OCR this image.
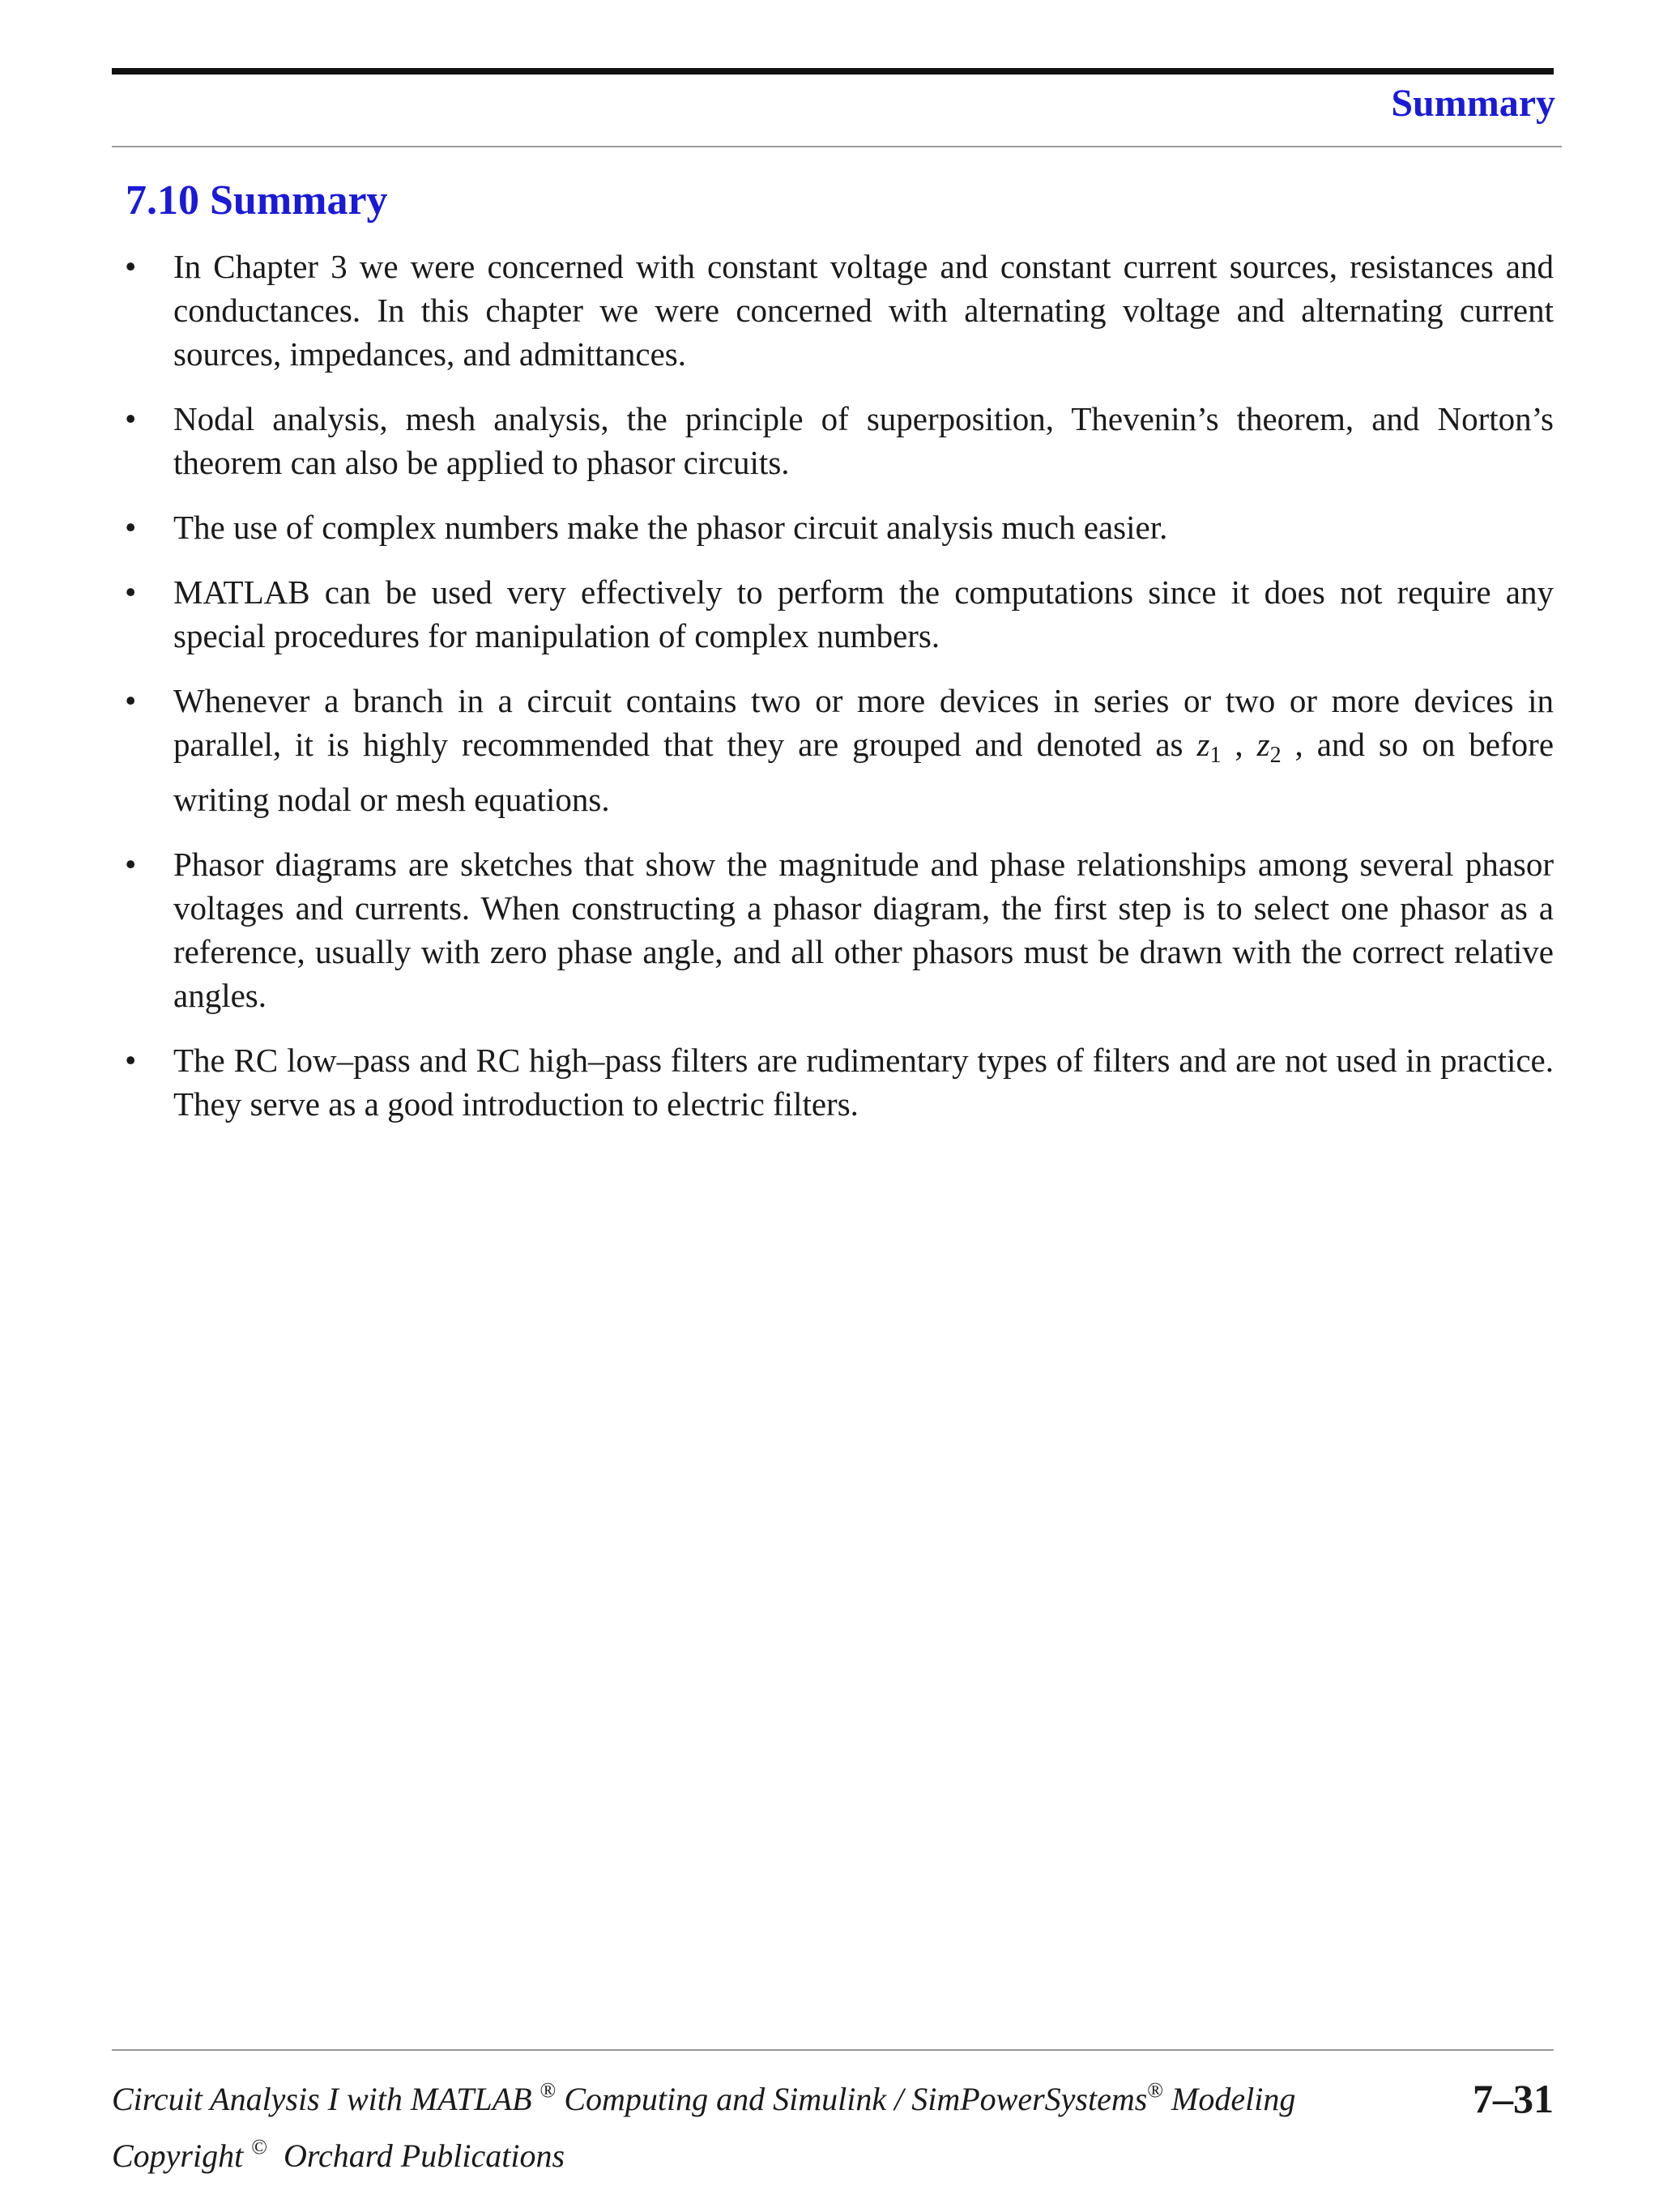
Summary
7.10 Summary
• In Chapter 3 we were concerned with constant voltage and constant current sources, resistances and conductances. In this chapter we were concerned with alternating voltage and alternating current sources, impedances, and admittances.
• Nodal analysis, mesh analysis, the principle of superposition, Thevenin’s theorem, and Norton’s theorem can also be applied to phasor circuits.
• The use of complex numbers make the phasor circuit analysis much easier.
• MATLAB can be used very effectively to perform the computations since it does not require any special procedures for manipulation of complex numbers.
• Whenever a branch in a circuit contains two or more devices in series or two or more devices in parallel, it is highly recommended that they are grouped and denoted as $z_1$ , $z_2$ , and so on before writing nodal or mesh equations.
• Phasor diagrams are sketches that show the magnitude and phase relationships among several phasor voltages and currents. When constructing a phasor diagram, the first step is to select one phasor as a reference, usually with zero phase angle, and all other phasors must be drawn with the correct relative angles.
• The RC low–pass and RC high–pass filters are rudimentary types of filters and are not used in practice. They serve as a good introduction to electric filters.
Circuit Analysis I with MATLAB ® Computing and Simulink / SimPowerSystems® Modeling	7–31
Copyright ©  Orchard Publications
